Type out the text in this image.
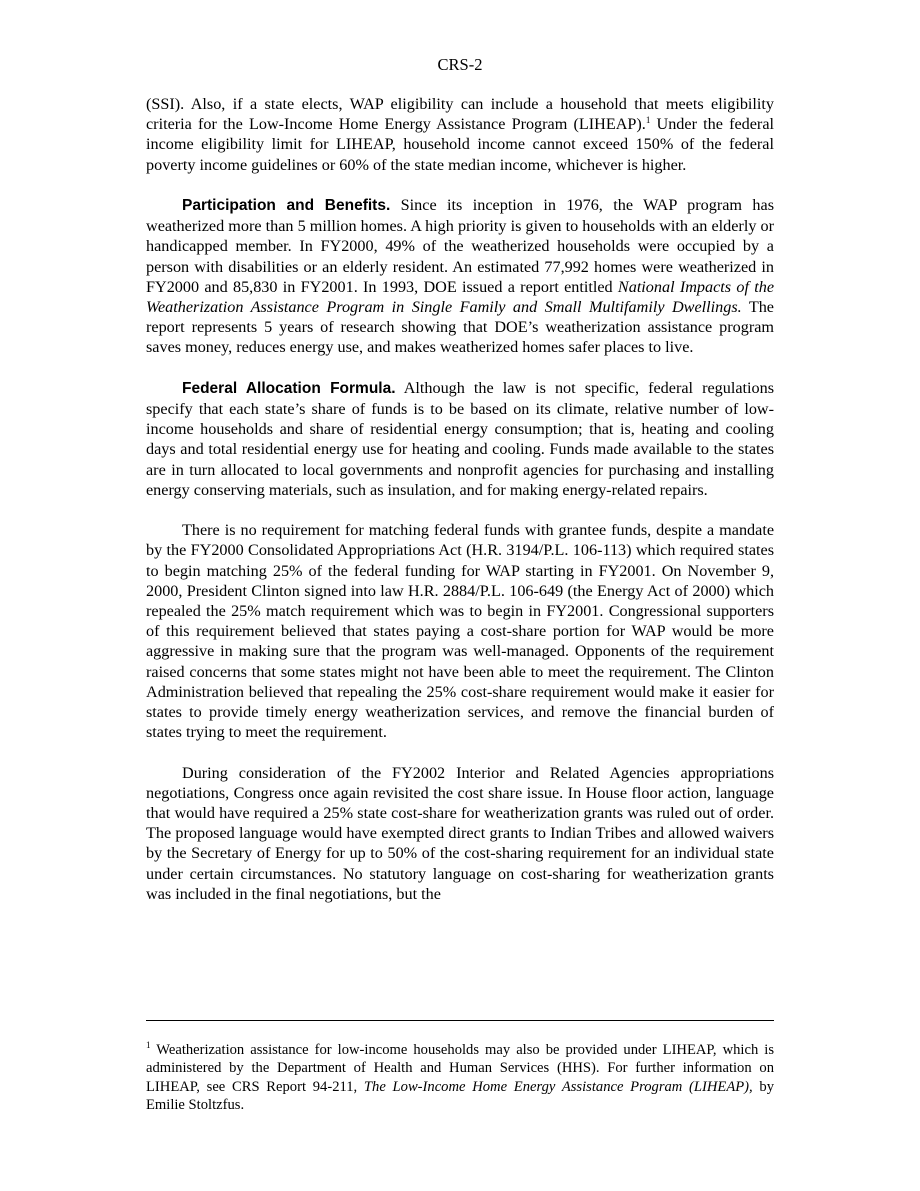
CRS-2

(SSI). Also, if a state elects, WAP eligibility can include a household that meets eligibility criteria for the Low-Income Home Energy Assistance Program (LIHEAP).$^1$ Under the federal income eligibility limit for LIHEAP, household income cannot exceed 150% of the federal poverty income guidelines or 60% of the state median income, whichever is higher.

Participation and Benefits. Since its inception in 1976, the WAP program has weatherized more than 5 million homes. A high priority is given to households with an elderly or handicapped member. In FY2000, 49% of the weatherized households were occupied by a person with disabilities or an elderly resident. An estimated 77,992 homes were weatherized in FY2000 and 85,830 in FY2001. In 1993, DOE issued a report entitled National Impacts of the Weatherization Assistance Program in Single Family and Small Multifamily Dwellings. The report represents 5 years of research showing that DOE’s weatherization assistance program saves money, reduces energy use, and makes weatherized homes safer places to live.

Federal Allocation Formula. Although the law is not specific, federal regulations specify that each state’s share of funds is to be based on its climate, relative number of low-income households and share of residential energy consumption; that is, heating and cooling days and total residential energy use for heating and cooling. Funds made available to the states are in turn allocated to local governments and nonprofit agencies for purchasing and installing energy conserving materials, such as insulation, and for making energy-related repairs.

There is no requirement for matching federal funds with grantee funds, despite a mandate by the FY2000 Consolidated Appropriations Act (H.R. 3194/P.L. 106-113) which required states to begin matching 25% of the federal funding for WAP starting in FY2001. On November 9, 2000, President Clinton signed into law H.R. 2884/P.L. 106-649 (the Energy Act of 2000) which repealed the 25% match requirement which was to begin in FY2001. Congressional supporters of this requirement believed that states paying a cost-share portion for WAP would be more aggressive in making sure that the program was well-managed. Opponents of the requirement raised concerns that some states might not have been able to meet the requirement. The Clinton Administration believed that repealing the 25% cost-share requirement would make it easier for states to provide timely energy weatherization services, and remove the financial burden of states trying to meet the requirement.

During consideration of the FY2002 Interior and Related Agencies appropriations negotiations, Congress once again revisited the cost share issue. In House floor action, language that would have required a 25% state cost-share for weatherization grants was ruled out of order. The proposed language would have exempted direct grants to Indian Tribes and allowed waivers by the Secretary of Energy for up to 50% of the cost-sharing requirement for an individual state under certain circumstances. No statutory language on cost-sharing for weatherization grants was included in the final negotiations, but the

$^1$ Weatherization assistance for low-income households may also be provided under LIHEAP, which is administered by the Department of Health and Human Services (HHS). For further information on LIHEAP, see CRS Report 94-211, The Low-Income Home Energy Assistance Program (LIHEAP), by Emilie Stoltzfus.
